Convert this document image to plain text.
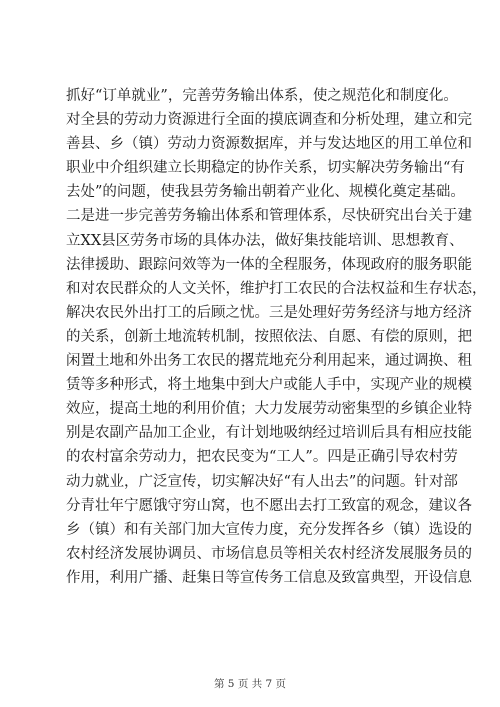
抓好“订单就业”，完善劳务输出体系，使之规范化和制度化。
对全县的劳动力资源进行全面的摸底调查和分析处理，建立和完
善县、乡（镇）劳动力资源数据库，并与发达地区的用工单位和
职业中介组织建立长期稳定的协作关系，切实解决劳务输出“有
去处”的问题，使我县劳务输出朝着产业化、规模化奠定基础。
二是进一步完善劳务输出体系和管理体系，尽快研究出台关于建
立XX县区劳务市场的具体办法，做好集技能培训、思想教育、
法律援助、跟踪问效等为一体的全程服务，体现政府的服务职能
和对农民群众的人文关怀，维护打工农民的合法权益和生存状态，
解决农民外出打工的后顾之忧。三是处理好劳务经济与地方经济
的关系，创新土地流转机制，按照依法、自愿、有偿的原则，把
闲置土地和外出务工农民的撂荒地充分利用起来，通过调换、租
赁等多种形式，将土地集中到大户或能人手中，实现产业的规模
效应，提高土地的利用价值；大力发展劳动密集型的乡镇企业特
别是农副产品加工企业，有计划地吸纳经过培训后具有相应技能
的农村富余劳动力，把农民变为“工人”。四是正确引导农村劳
动力就业，广泛宣传，切实解决好“有人出去”的问题。针对部
分青壮年宁愿饿守穷山窝，也不愿出去打工致富的观念，建议各
乡（镇）和有关部门加大宣传力度，充分发挥各乡（镇）选设的
农村经济发展协调员、市场信息员等相关农村经济发展服务员的
作用，利用广播、赶集日等宣传务工信息及致富典型，开设信息
第 5 页 共 7 页
